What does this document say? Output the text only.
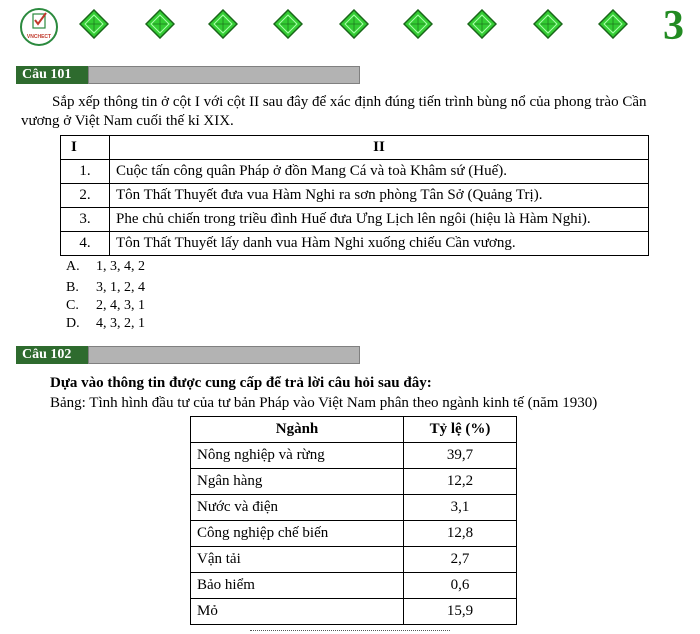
VNCHECT	3
Câu 101
Sắp xếp thông tin ở cột I với cột II sau đây để xác định đúng tiến trình bùng nổ của phong trào Cần
vương ở Việt Nam cuối thế kỉ XIX.
I	II
1.	Cuộc tấn công quân Pháp ở đồn Mang Cá và toà Khâm sứ (Huế).
2.	Tôn Thất Thuyết đưa vua Hàm Nghi ra sơn phòng Tân Sở (Quảng Trị).
3.	Phe chủ chiến trong triều đình Huế đưa Ưng Lịch lên ngôi (hiệu là Hàm Nghi).
4.	Tôn Thất Thuyết lấy danh vua Hàm Nghi xuống chiếu Cần vương.
A. 1, 3, 4, 2
B. 3, 1, 2, 4
C. 2, 4, 3, 1
D. 4, 3, 2, 1
Câu 102
Dựa vào thông tin được cung cấp để trả lời câu hỏi sau đây:
Bảng: Tình hình đầu tư của tư bản Pháp vào Việt Nam phân theo ngành kinh tế (năm 1930)
Ngành	Tỷ lệ (%)
Nông nghiệp và rừng	39,7
Ngân hàng	12,2
Nước và điện	3,1
Công nghiệp chế biến	12,8
Vận tải	2,7
Bảo hiểm	0,6
Mỏ	15,9
